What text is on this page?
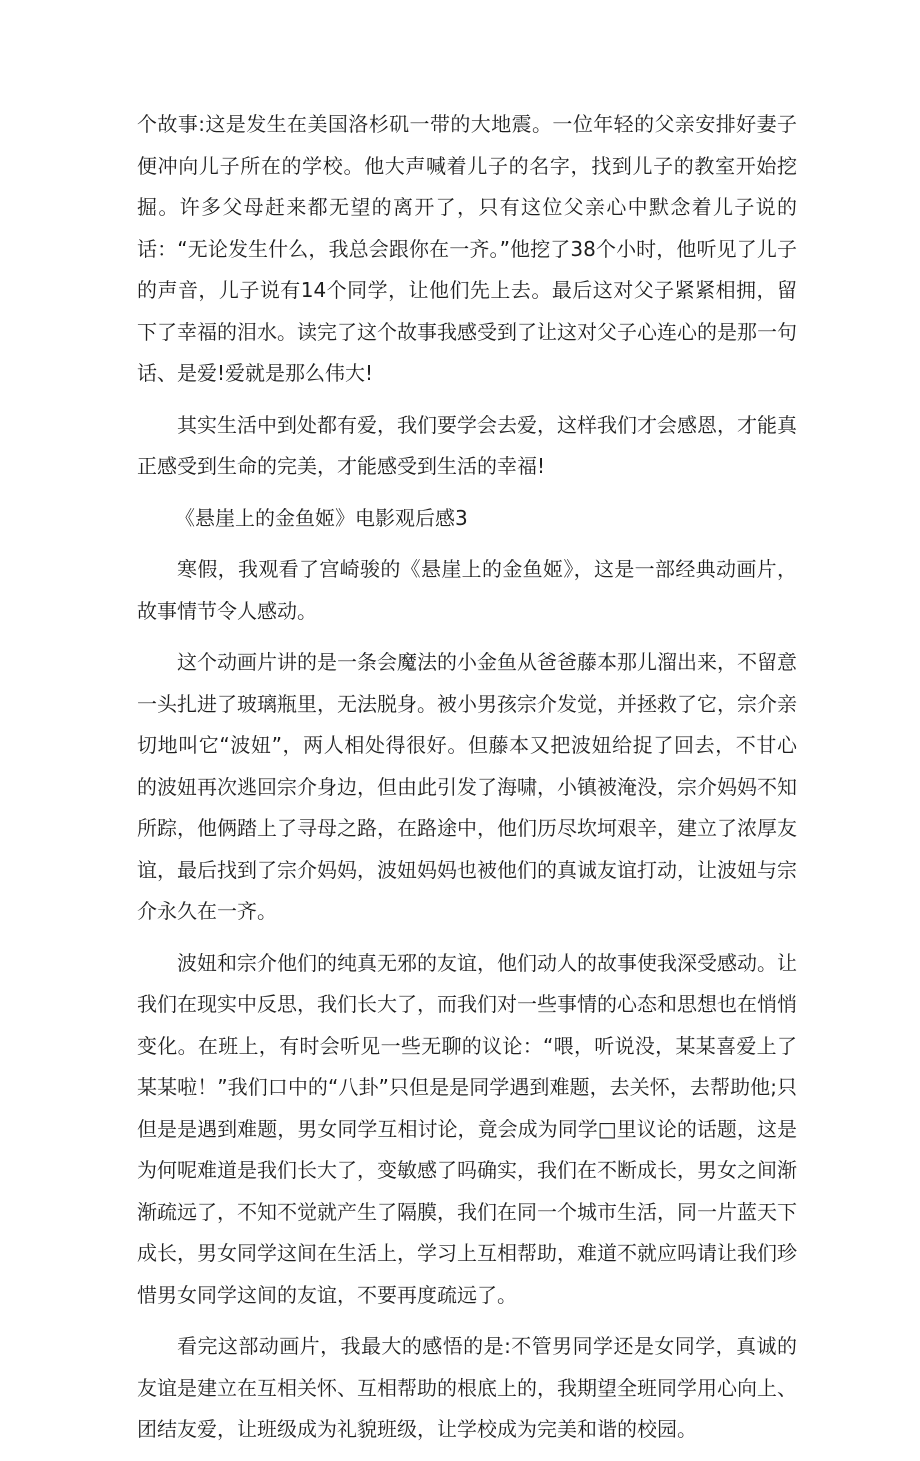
个故事:这是发生在美国洛杉矶一带的大地震。一位年轻的父亲安排好妻子便冲向儿子所在的学校。他大声喊着儿子的名字，找到儿子的教室开始挖掘。许多父母赶来都无望的离开了，只有这位父亲心中默念着儿子说的话：“无论发生什么，我总会跟你在一齐。”他挖了38个小时，他听见了儿子的声音，儿子说有14个同学，让他们先上去。最后这对父子紧紧相拥，留下了幸福的泪水。读完了这个故事我感受到了让这对父子心连心的是那一句话、是爱!爱就是那么伟大!

其实生活中到处都有爱，我们要学会去爱，这样我们才会感恩，才能真正感受到生命的完美，才能感受到生活的幸福!

《悬崖上的金鱼姬》电影观后感3

寒假，我观看了宫崎骏的《悬崖上的金鱼姬》，这是一部经典动画片，故事情节令人感动。

这个动画片讲的是一条会魔法的小金鱼从爸爸藤本那儿溜出来，不留意一头扎进了玻璃瓶里，无法脱身。被小男孩宗介发觉，并拯救了它，宗介亲切地叫它“波妞”，两人相处得很好。但藤本又把波妞给捉了回去，不甘心的波妞再次逃回宗介身边，但由此引发了海啸，小镇被淹没，宗介妈妈不知所踪，他俩踏上了寻母之路，在路途中，他们历尽坎坷艰辛，建立了浓厚友谊，最后找到了宗介妈妈，波妞妈妈也被他们的真诚友谊打动，让波妞与宗介永久在一齐。

波妞和宗介他们的纯真无邪的友谊，他们动人的故事使我深受感动。让我们在现实中反思，我们长大了，而我们对一些事情的心态和思想也在悄悄变化。在班上，有时会听见一些无聊的议论：“喂，听说没，某某喜爱上了某某啦！”我们口中的“八卦”只但是是同学遇到难题，去关怀，去帮助他;只但是是遇到难题，男女同学互相讨论，竟会成为同学□里议论的话题，这是为何呢难道是我们长大了，变敏感了吗确实，我们在不断成长，男女之间渐渐疏远了，不知不觉就产生了隔膜，我们在同一个城市生活，同一片蓝天下成长，男女同学这间在生活上，学习上互相帮助，难道不就应吗请让我们珍惜男女同学这间的友谊，不要再度疏远了。

看完这部动画片，我最大的感悟的是:不管男同学还是女同学，真诚的友谊是建立在互相关怀、互相帮助的根底上的，我期望全班同学用心向上、团结友爱，让班级成为礼貌班级，让学校成为完美和谐的校园。
